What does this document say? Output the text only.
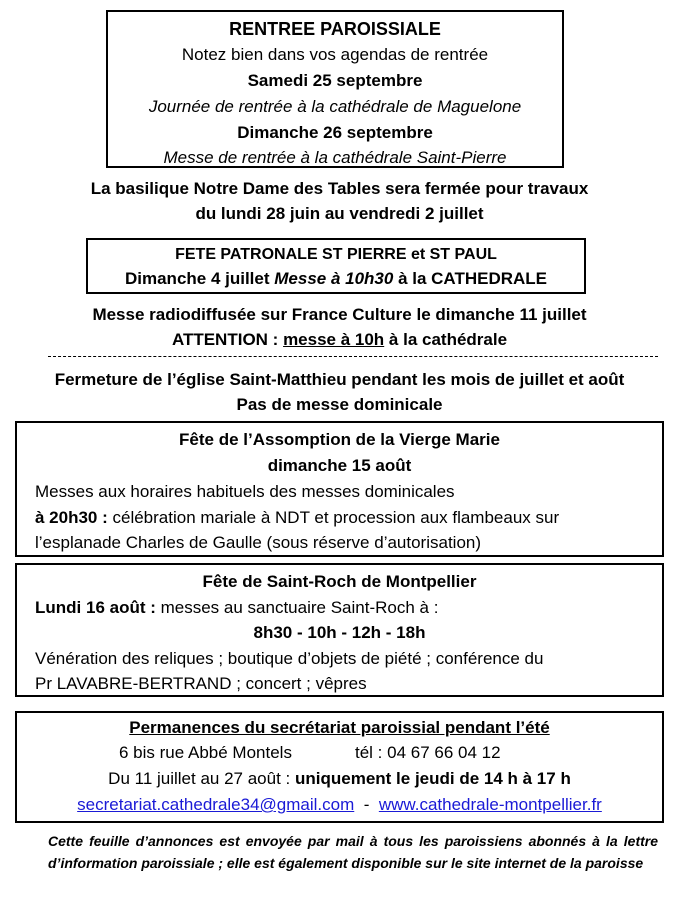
RENTREE PAROISSIALE
Notez bien dans vos agendas de rentrée
Samedi 25 septembre
Journée de rentrée à la cathédrale de Maguelone
Dimanche 26 septembre
Messe de rentrée à la cathédrale Saint-Pierre
La basilique Notre Dame des Tables sera fermée pour travaux
du lundi 28 juin au vendredi 2 juillet
FETE PATRONALE ST PIERRE et ST PAUL
Dimanche 4 juillet Messe à 10h30 à la CATHEDRALE
Messe radiodiffusée sur France Culture le dimanche 11 juillet
ATTENTION : messe à 10h à la cathédrale
Fermeture de l’église Saint-Matthieu pendant les mois de juillet et août
Pas de messe dominicale
Fête de l’Assomption de la Vierge Marie
dimanche 15 août
Messes aux horaires habituels des messes dominicales
à 20h30 : célébration mariale à NDT et procession aux flambeaux sur
l’esplanade Charles de Gaulle (sous réserve d’autorisation)
Fête de Saint-Roch de Montpellier
Lundi 16 août : messes au sanctuaire Saint-Roch à :
8h30 - 10h - 12h - 18h
Vénération des reliques ; boutique d’objets de piété ; conférence du
Pr LAVABRE-BERTRAND ; concert ; vêpres
Permanences du secrétariat paroissial pendant l’été
6 bis rue Abbé Montels	tél : 04 67 66 04 12
Du 11 juillet au 27 août : uniquement le jeudi de 14 h à 17 h
secretariat.cathedrale34@gmail.com - www.cathedrale-montpellier.fr
Cette feuille d’annonces est envoyée par mail à tous les paroissiens abonnés à la lettre d’information paroissiale ; elle est également disponible sur le site internet de la paroisse
